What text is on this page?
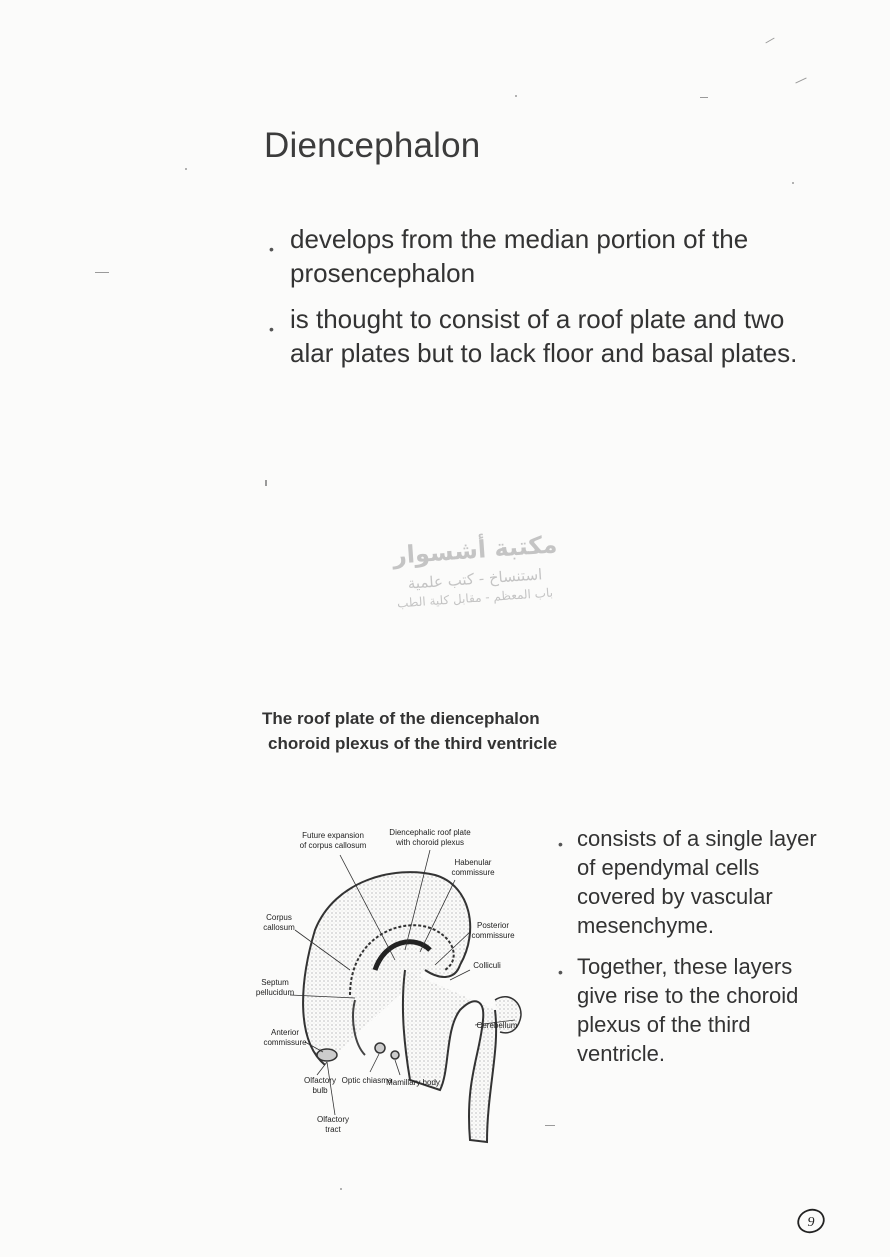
Diencephalon
• develops from the median portion of the prosencephalon
• is thought to consist of a roof plate and two alar plates but to lack floor and basal plates.
مكتبة أشسوار
استنساخ - كتب علمية
باب المعظم - مقابل كلية الطب
The roof plate of the diencephalon
choroid plexus of the third ventricle
Future expansion
of corpus callosum
Diencephalic roof plate
with choroid plexus
Habenular
commissure
Posterior
commissure
Corpus
callosum
Colliculi
Septum
pellucidum
Cerebellum
Anterior
commissure
Olfactory
bulb
Optic chiasma
Mamillary body
Olfactory
tract
• consists of a single layer of ependymal cells covered by vascular mesenchyme.
• Together, these layers give rise to the choroid plexus of the third ventricle.
9
